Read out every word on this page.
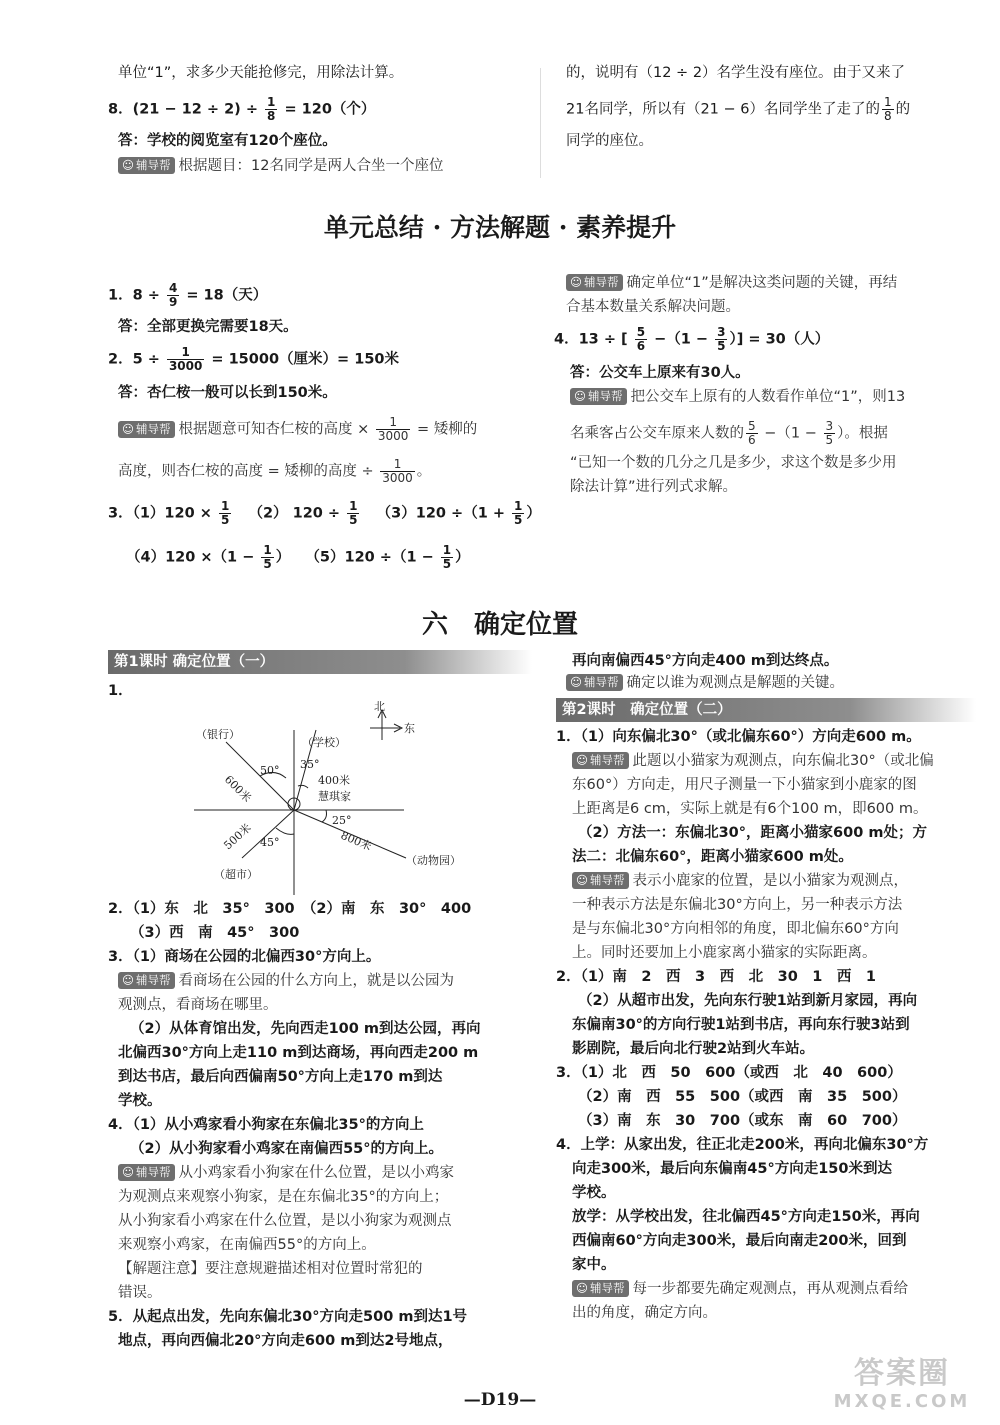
单位“1”，求多少天能抢修完，用除法计算。
8．$(21 - 12 \div 2) \div \frac{1}{8} = 120$（个）
答：学校的阅览室有120个座位。
☺ 辅导帮 根据题目：12名同学是两人合坐一个座位
的，说明有（12 ÷ 2）名学生没有座位。由于又来了
21名同学，所以有（21 − 6）名同学坐了走了的 $\frac{1}{8}$ 的
同学的座位。
单元总结 · 方法解题 · 素养提升
1．$8 \div \frac{4}{9} = 18$（天）
答：全部更换完需要18天。
2．$5 \div \frac{1}{3000} = 15000$（厘米）= 150米
答：杏仁桉一般可以长到150米。
☺ 辅导帮 根据题意可知杏仁桉的高度 × $\frac{1}{3000}$ = 矮柳的
高度，则杏仁桉的高度 = 矮柳的高度 ÷ $\frac{1}{3000}$ 。
3．$(1)120 \times \frac{1}{5} (2) 120 \div \frac{1}{5} (3)120 \div(1 + \frac{1}{5}$ ）
$(4)120 \times(1 - \frac{1}{5}$ ） $(5)120 \div(1 - \frac{1}{5}$ ）
☺ 辅导帮 确定单位“1”是解决这类问题的关键，再结
合基本数量关系解决问题。
4．13 ÷ [ $\frac{5}{6} -(1 - \frac{3}{5}$ ）] = 30（人）
答：公交车上原来有30人。
☺ 辅导帮 把公交车上原有的人数看作单位“1”，则13
名乘客占公交车原来人数的 $\frac{5}{6} -(1 - \frac{3}{5}$ ）。根据
“已知一个数的几分之几是多少，求这个数是多少用
除法计算”进行列式求解。
六　确定位置
第1课时 确定位置（一）
1．
北
东
（银行）
（学校）
600米
50° 35°
400米
慧琪家
25°
800米
500米 45°
（超市）
（动物园）
2．（1）东　北　35°　300　（2）南　东　30°　400
（3）西　南　45°　300
3．（1）商场在公园的北偏西30°方向上。
☺ 辅导帮 看商场在公园的什么方向上，就是以公园为
观测点，看商场在哪里。
（2）从体育馆出发，先向西走100 m到达公园，再向
北偏西30°方向上走110 m到达商场，再向西走200 m
到达书店，最后向西偏南50°方向上走170 m到达
学校。
4．（1）从小鸡家看小狗家在东偏北35°的方向上
（2）从小狗家看小鸡家在南偏西55°的方向上。
☺ 辅导帮 从小鸡家看小狗家在什么位置，是以小鸡家
为观测点来观察小狗家，是在东偏北35°的方向上；
从小狗家看小鸡家在什么位置，是以小狗家为观测点
来观察小鸡家，在南偏西55°的方向上。
【解题注意】要注意规避描述相对位置时常犯的
错误。
5．从起点出发，先向东偏北30°方向走500 m到达1号
地点，再向西偏北20°方向走600 m到达2号地点，
再向南偏西45°方向走400 m到达终点。
☺ 辅导帮 确定以谁为观测点是解题的关键。
第2课时　确定位置（二）
1．（1）向东偏北30°（或北偏东60°）方向走600 m。
☺ 辅导帮 此题以小猫家为观测点，向东偏北30°（或北偏
东60°）方向走，用尺子测量一下小猫家到小鹿家的图
上距离是6 cm，实际上就是有6个100 m，即600 m。
（2）方法一：东偏北30°，距离小猫家600 m处；方
法二：北偏东60°，距离小猫家600 m处。
☺ 辅导帮 表示小鹿家的位置，是以小猫家为观测点，
一种表示方法是东偏北30°方向上，另一种表示方法
是与东偏北30°方向相邻的角度，即北偏东60°方向
上。同时还要加上小鹿家离小猫家的实际距离。
2．（1）南　2　西　3　西　北　30　1　西　1
（2）从超市出发，先向东行驶1站到新月家园，再向
东偏南30°的方向行驶1站到书店，再向东行驶3站到
影剧院，最后向北行驶2站到火车站。
3．（1）北　西　50　600（或西　北　40　600）
（2）南　西　55　500（或西　南　35　500）
（3）南　东　30　700（或东　南　60　700）
4．上学：从家出发，往正北走200米，再向北偏东30°方
向走300米，最后向东偏南45°方向走150米到达
学校。
放学：从学校出发，往北偏西45°方向走150米，再向
西偏南60°方向走300米，最后向南走200米，回到
家中。
☺ 辅导帮 每一步都要先确定观测点，再从观测点看给
出的角度，确定方向。
—D19—
答案圈
MXQE.COM
